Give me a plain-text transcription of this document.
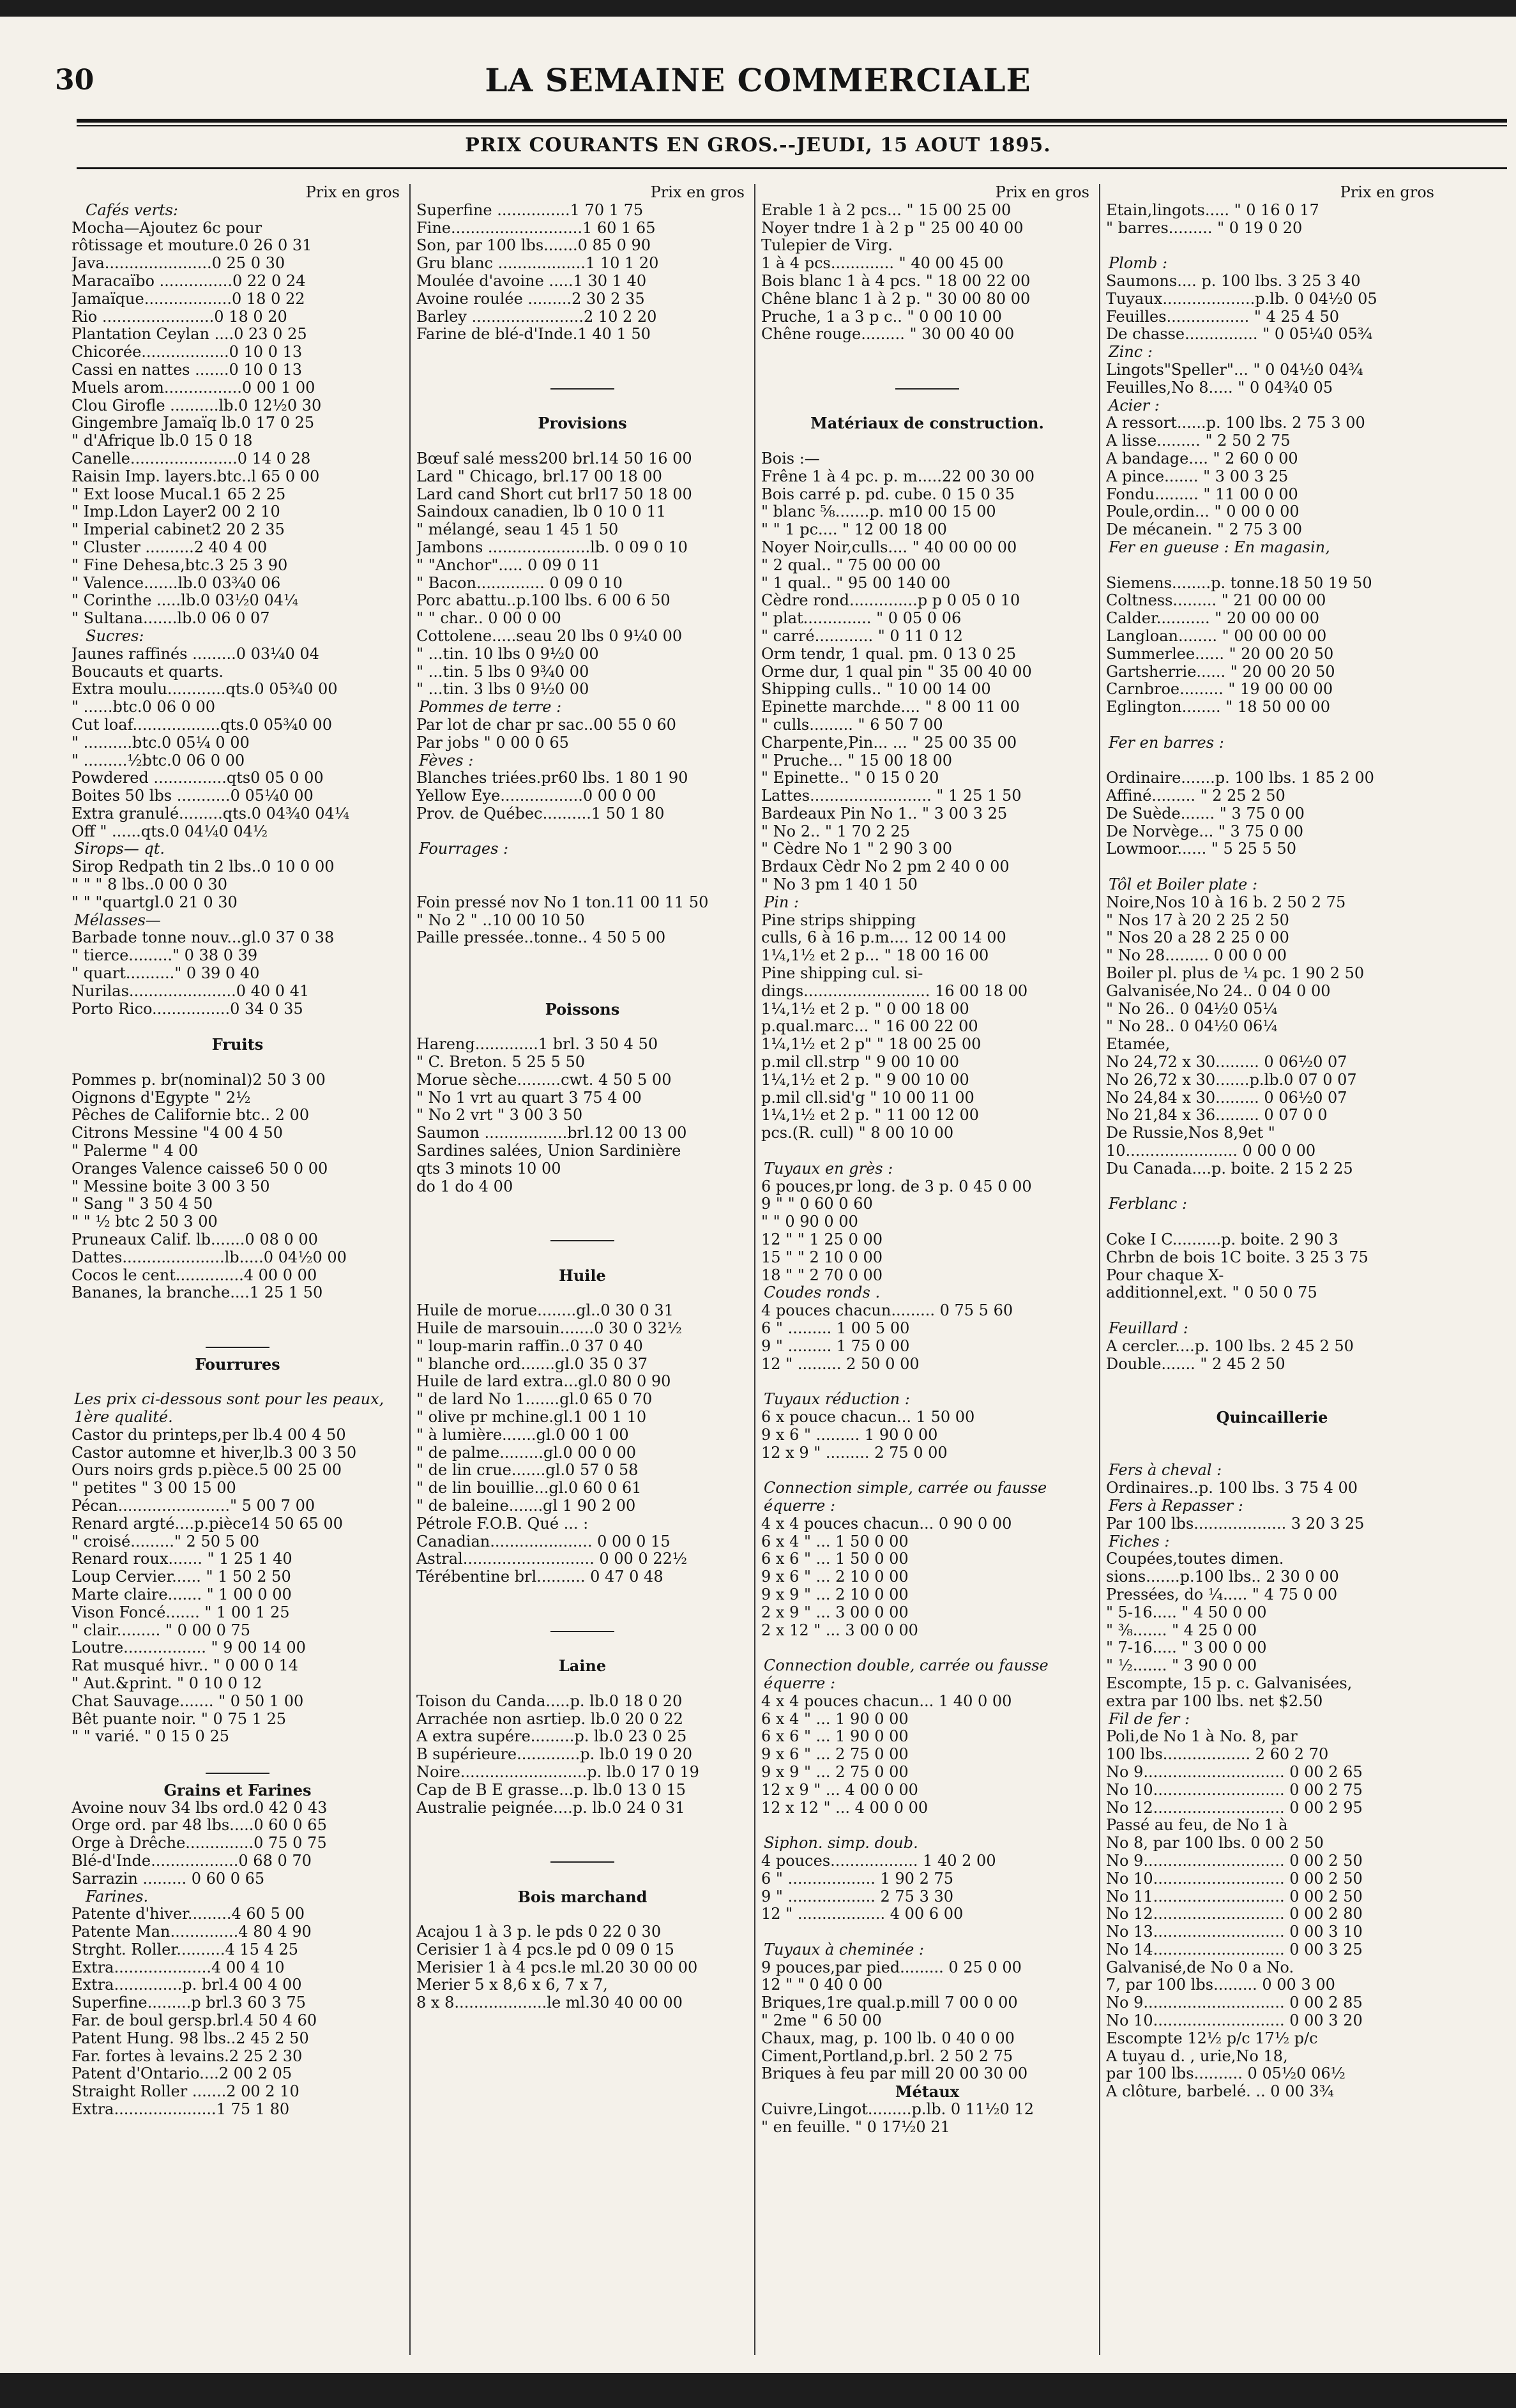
30	LA SEMAINE COMMERCIALE
PRIX COURANTS EN GROS.--JEUDI, 15 AOUT 1895.
Prix en gros
Cafés verts:
Mocha—Ajoutez 6c pour
rôtissage et mouture.0 26 0 31
Java......................0 25 0 30
Maracaïbo ...............0 22 0 24
Jamaïque..................0 18 0 22
Rio .......................0 18 0 20
Plantation Ceylan ....0 23 0 25
Chicorée..................0 10 0 13
Cassi en nattes .......0 10 0 13
Muels arom................0 00 1 00
Clou Girofle ..........lb.0 12½0 30
Gingembre Jamaïq lb.0 17 0 25
" d'Afrique lb.0 15 0 18
Canelle......................0 14 0 28
Raisin Imp. layers.btc..l 65 0 00
" Ext loose Mucal.1 65 2 25
" Imp.Ldon Layer2 00 2 10
" Imperial cabinet2 20 2 35
" Cluster ..........2 40 4 00
" Fine Dehesa,btc.3 25 3 90
" Valence.......lb.0 03¾0 06
" Corinthe .....lb.0 03½0 04¼
" Sultana.......lb.0 06 0 07
Sucres:
Jaunes raffinés .........0 03¼0 04
Boucauts et quarts.
Extra moulu............qts.0 05¾0 00
" ......btc.0 06 0 00
Cut loaf..................qts.0 05¾0 00
" ..........btc.0 05¼ 0 00
" .........½btc.0 06 0 00
Powdered ...............qts0 05 0 00
Boites 50 lbs ...........0 05¼0 00
Extra granulé.........qts.0 04¾0 04¼
Off " ......qts.0 04¼0 04½
Sirops— qt.
Sirop Redpath tin 2 lbs..0 10 0 00
" " " 8 lbs..0 00 0 30
" " "quartgl.0 21 0 30
Mélasses—
Barbade tonne nouv...gl.0 37 0 38
" tierce........." 0 38 0 39
" quart.........." 0 39 0 40
Nurilas......................0 40 0 41
Porto Rico................0 34 0 35
Fruits
Pommes p. br(nominal)2 50 3 00
Oignons d'Egypte " 2½
Pêches de Californie btc.. 2 00
Citrons Messine "4 00 4 50
" Palerme " 4 00
Oranges Valence caisse6 50 0 00
" Messine boite 3 00 3 50
" Sang " 3 50 4 50
" " ½ btc 2 50 3 00
Pruneaux Calif. lb.......0 08 0 00
Dattes.....................lb.....0 04½0 00
Cocos le cent..............4 00 0 00
Bananes, la branche....1 25 1 50
Fourrures
Les prix ci-dessous sont pour les peaux,
1ère qualité.
Castor du printeps,per lb.4 00 4 50
Castor automne et hiver,lb.3 00 3 50
Ours noirs grds p.pièce.5 00 25 00
" petites " 3 00 15 00
Pécan......................." 5 00 7 00
Renard argté....p.pièce14 50 65 00
" croisé........." 2 50 5 00
Renard roux....... " 1 25 1 40
Loup Cervier...... " 1 50 2 50
Marte claire....... " 1 00 0 00
Vison Foncé....... " 1 00 1 25
" clair......... " 0 00 0 75
Loutre................. " 9 00 14 00
Rat musqué hivr.. " 0 00 0 14
" Aut.&print. " 0 10 0 12
Chat Sauvage....... " 0 50 1 00
Bêt puante noir. " 0 75 1 25
" " varié. " 0 15 0 25
Grains et Farines
Avoine nouv 34 lbs ord.0 42 0 43
Orge ord. par 48 lbs.....0 60 0 65
Orge à Drêche..............0 75 0 75
Blé-d'Inde..................0 68 0 70
Sarrazin ......... 0 60 0 65
Farines.
Patente d'hiver.........4 60 5 00
Patente Man..............4 80 4 90
Strght. Roller..........4 15 4 25
Extra....................4 00 4 10
Extra..............p. brl.4 00 4 00
Superfine.........p brl.3 60 3 75
Far. de boul gersp.brl.4 50 4 60
Patent Hung. 98 lbs..2 45 2 50
Far. fortes à levains.2 25 2 30
Patent d'Ontario....2 00 2 05
Straight Roller .......2 00 2 10
Extra.....................1 75 1 80
Prix en gros
Superfine ...............1 70 1 75
Fine...........................1 60 1 65
Son, par 100 lbs.......0 85 0 90
Gru blanc ..................1 10 1 20
Moulée d'avoine .....1 30 1 40
Avoine roulée .........2 30 2 35
Barley .......................2 10 2 20
Farine de blé-d'Inde.1 40 1 50
Provisions
Bœuf salé mess200 brl.14 50 16 00
Lard " Chicago, brl.17 00 18 00
Lard cand Short cut brl17 50 18 00
Saindoux canadien, lb 0 10 0 11
" mélangé, seau 1 45 1 50
Jambons .....................lb. 0 09 0 10
" "Anchor"..... 0 09 0 11
" Bacon.............. 0 09 0 10
Porc abattu..p.100 lbs. 6 00 6 50
" " char.. 0 00 0 00
Cottolene.....seau 20 lbs 0 9¼0 00
" ...tin. 10 lbs 0 9½0 00
" ...tin. 5 lbs 0 9¾0 00
" ...tin. 3 lbs 0 9½0 00
Pommes de terre :
Par lot de char pr sac..00 55 0 60
Par jobs " 0 00 0 65
Fèves :
Blanches triées.pr60 lbs. 1 80 1 90
Yellow Eye.................0 00 0 00
Prov. de Québec..........1 50 1 80
Fourrages :
Foin pressé nov No 1 ton.11 00 11 50
" No 2 " ..10 00 10 50
Paille pressée..tonne.. 4 50 5 00
Poissons
Hareng.............1 brl. 3 50 4 50
" C. Breton. 5 25 5 50
Morue sèche.........cwt. 4 50 5 00
" No 1 vrt au quart 3 75 4 00
" No 2 vrt " 3 00 3 50
Saumon .................brl.12 00 13 00
Sardines salées, Union Sardinière
qts 3 minots 10 00
do 1 do 4 00
Huile
Huile de morue........gl..0 30 0 31
Huile de marsouin.......0 30 0 32½
" loup-marin raffin..0 37 0 40
" blanche ord.......gl.0 35 0 37
Huile de lard extra...gl.0 80 0 90
" de lard No 1.......gl.0 65 0 70
" olive pr mchine.gl.1 00 1 10
" à lumière.......gl.0 00 1 00
" de palme.........gl.0 00 0 00
" de lin crue.......gl.0 57 0 58
" de lin bouillie...gl.0 60 0 61
" de baleine.......gl 1 90 2 00
Pétrole F.O.B. Qué ... :
Canadian..................... 0 00 0 15
Astral........................... 0 00 0 22½
Térébentine brl.......... 0 47 0 48
Laine
Toison du Canda.....p. lb.0 18 0 20
Arrachée non asrtiep. lb.0 20 0 22
A extra supére.........p. lb.0 23 0 25
B supérieure.............p. lb.0 19 0 20
Noire..........................p. lb.0 17 0 19
Cap de B E grasse...p. lb.0 13 0 15
Australie peignée....p. lb.0 24 0 31
Bois marchand
Acajou 1 à 3 p. le pds 0 22 0 30
Cerisier 1 à 4 pcs.le pd 0 09 0 15
Merisier 1 à 4 pcs.le ml.20 30 00 00
Merier 5 x 8,6 x 6, 7 x 7,
8 x 8...................le ml.30 40 00 00
Prix en gros
Erable 1 à 2 pcs... " 15 00 25 00
Noyer tndre 1 à 2 p " 25 00 40 00
Tulepier de Virg.
1 à 4 pcs............. " 40 00 45 00
Bois blanc 1 à 4 pcs. " 18 00 22 00
Chêne blanc 1 à 2 p. " 30 00 80 00
Pruche, 1 a 3 p c.. " 0 00 10 00
Chêne rouge......... " 30 00 40 00
Matériaux de construction.
Bois :—
Frêne 1 à 4 pc. p. m.....22 00 30 00
Bois carré p. pd. cube. 0 15 0 35
" blanc ⅝.......p. m10 00 15 00
" " 1 pc.... " 12 00 18 00
Noyer Noir,culls.... " 40 00 00 00
" 2 qual.. " 75 00 00 00
" 1 qual.. " 95 00 140 00
Cèdre rond..............p p 0 05 0 10
" plat.............. " 0 05 0 06
" carré............ " 0 11 0 12
Orm tendr, 1 qual. pm. 0 13 0 25
Orme dur, 1 qual pin " 35 00 40 00
Shipping culls.. " 10 00 14 00
Epinette marchde.... " 8 00 11 00
" culls......... " 6 50 7 00
Charpente,Pin... ... " 25 00 35 00
" Pruche... " 15 00 18 00
" Epinette.. " 0 15 0 20
Lattes......................... " 1 25 1 50
Bardeaux Pin No 1.. " 3 00 3 25
" No 2.. " 1 70 2 25
" Cèdre No 1 " 2 90 3 00
Brdaux Cèdr No 2 pm 2 40 0 00
" No 3 pm 1 40 1 50
Pin :
Pine strips shipping
culls, 6 à 16 p.m.... 12 00 14 00
1¼,1½ et 2 p... " 18 00 16 00
Pine shipping cul. si-
dings.......................... 16 00 18 00
1¼,1½ et 2 p. " 0 00 18 00
p.qual.marc... " 16 00 22 00
1¼,1½ et 2 p" " 18 00 25 00
p.mil cll.strp " 9 00 10 00
1¼,1½ et 2 p. " 9 00 10 00
p.mil cll.sid'g " 10 00 11 00
1¼,1½ et 2 p. " 11 00 12 00
pcs.(R. cull) " 8 00 10 00
Tuyaux en grès :
6 pouces,pr long. de 3 p. 0 45 0 00
9 " " 0 60 0 60
" " 0 90 0 00
12 " " 1 25 0 00
15 " " 2 10 0 00
18 " " 2 70 0 00
Coudes ronds .
4 pouces chacun......... 0 75 5 60
6 " ......... 1 00 5 00
9 " ......... 1 75 0 00
12 " ......... 2 50 0 00
Tuyaux réduction :
6 x pouce chacun... 1 50 00
9 x 6 " ......... 1 90 0 00
12 x 9 " ......... 2 75 0 00
Connection simple, carrée ou fausse
équerre :
4 x 4 pouces chacun... 0 90 0 00
6 x 4 " ... 1 50 0 00
6 x 6 " ... 1 50 0 00
9 x 6 " ... 2 10 0 00
9 x 9 " ... 2 10 0 00
2 x 9 " ... 3 00 0 00
2 x 12 " ... 3 00 0 00
Connection double, carrée ou fausse
équerre :
4 x 4 pouces chacun... 1 40 0 00
6 x 4 " ... 1 90 0 00
6 x 6 " ... 1 90 0 00
9 x 6 " ... 2 75 0 00
9 x 9 " ... 2 75 0 00
12 x 9 " ... 4 00 0 00
12 x 12 " ... 4 00 0 00
Siphon. simp. doub.
4 pouces.................. 1 40 2 00
6 " .................. 1 90 2 75
9 " .................. 2 75 3 30
12 " .................. 4 00 6 00
Tuyaux à cheminée :
9 pouces,par pied......... 0 25 0 00
12 " " 0 40 0 00
Briques,1re qual.p.mill 7 00 0 00
" 2me " 6 50 00
Chaux, mag, p. 100 lb. 0 40 0 00
Ciment,Portland,p.brl. 2 50 2 75
Briques à feu par mill 20 00 30 00
Métaux
Cuivre,Lingot.........p.lb. 0 11½0 12
" en feuille. " 0 17½0 21
Prix en gros
Etain,lingots..... " 0 16 0 17
" barres......... " 0 19 0 20
Plomb :
Saumons.... p. 100 lbs. 3 25 3 40
Tuyaux...................p.lb. 0 04½0 05
Feuilles................. " 4 25 4 50
De chasse............... " 0 05¼0 05¾
Zinc :
Lingots"Speller"... " 0 04½0 04¾
Feuilles,No 8..... " 0 04¾0 05
Acier :
A ressort......p. 100 lbs. 2 75 3 00
A lisse......... " 2 50 2 75
A bandage.... " 2 60 0 00
A pince....... " 3 00 3 25
Fondu......... " 11 00 0 00
Poule,ordin... " 0 00 0 00
De mécanein. " 2 75 3 00
Fer en gueuse : En magasin,
Siemens........p. tonne.18 50 19 50
Coltness......... " 21 00 00 00
Calder........... " 20 00 00 00
Langloan........ " 00 00 00 00
Summerlee...... " 20 00 20 50
Gartsherrie...... " 20 00 20 50
Carnbroe......... " 19 00 00 00
Eglington........ " 18 50 00 00
Fer en barres :
Ordinaire.......p. 100 lbs. 1 85 2 00
Affiné......... " 2 25 2 50
De Suède....... " 3 75 0 00
De Norvège... " 3 75 0 00
Lowmoor...... " 5 25 5 50
Tôl et Boiler plate :
Noire,Nos 10 à 16 b. 2 50 2 75
" Nos 17 à 20 2 25 2 50
" Nos 20 a 28 2 25 0 00
" No 28......... 0 00 0 00
Boiler pl. plus de ¼ pc. 1 90 2 50
Galvanisée,No 24.. 0 04 0 00
" No 26.. 0 04½0 05¼
" No 28.. 0 04½0 06¼
Etamée,
No 24,72 x 30......... 0 06½0 07
No 26,72 x 30.......p.lb.0 07 0 07
No 24,84 x 30......... 0 06½0 07
No 21,84 x 36......... 0 07 0 0
De Russie,Nos 8,9et "
10....................... 0 00 0 00
Du Canada....p. boite. 2 15 2 25
Ferblanc :
Coke I C..........p. boite. 2 90 3
Chrbn de bois 1C boite. 3 25 3 75
Pour chaque X-
additionnel,ext. " 0 50 0 75
Feuillard :
A cercler....p. 100 lbs. 2 45 2 50
Double....... " 2 45 2 50
Quincaillerie
Fers à cheval :
Ordinaires..p. 100 lbs. 3 75 4 00
Fers à Repasser :
Par 100 lbs................... 3 20 3 25
Fiches :
Coupées,toutes dimen.
sions.......p.100 lbs.. 2 30 0 00
Pressées, do ¼..... " 4 75 0 00
" 5-16..... " 4 50 0 00
" ⅜....... " 4 25 0 00
" 7-16..... " 3 00 0 00
" ½....... " 3 90 0 00
Escompte, 15 p. c. Galvanisées,
extra par 100 lbs. net $2.50
Fil de fer :
Poli,de No 1 à No. 8, par
100 lbs.................. 2 60 2 70
No 9............................. 0 00 2 65
No 10........................... 0 00 2 75
No 12........................... 0 00 2 95
Passé au feu, de No 1 à
No 8, par 100 lbs. 0 00 2 50
No 9............................. 0 00 2 50
No 10........................... 0 00 2 50
No 11........................... 0 00 2 50
No 12........................... 0 00 2 80
No 13........................... 0 00 3 10
No 14........................... 0 00 3 25
Galvanisé,de No 0 a No.
7, par 100 lbs......... 0 00 3 00
No 9............................. 0 00 2 85
No 10........................... 0 00 3 20
Escompte 12½ p/c 17½ p/c
A tuyau d. , urie,No 18,
par 100 lbs.......... 0 05½0 06½
A clôture, barbelé. .. 0 00 3¾
